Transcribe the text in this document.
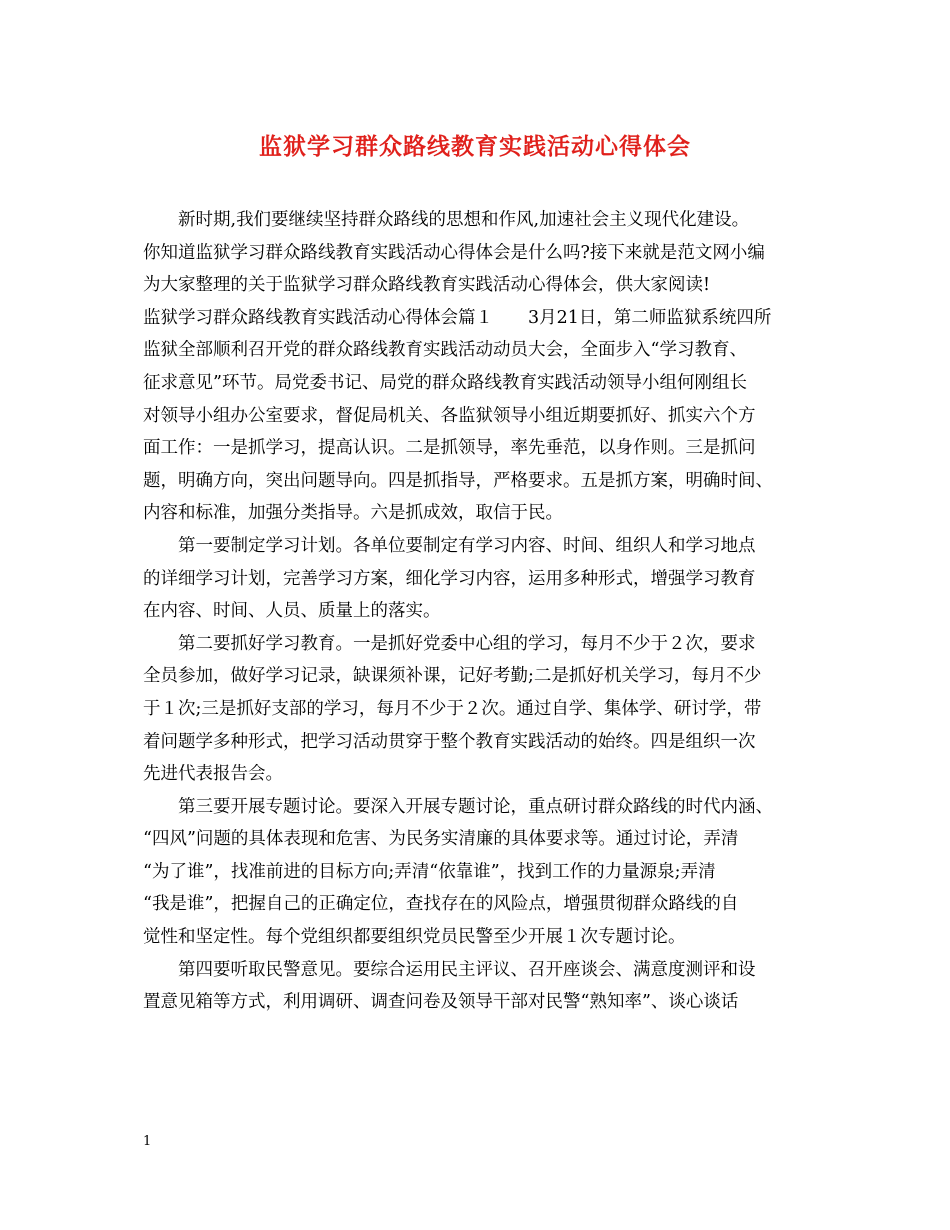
监狱学习群众路线教育实践活动心得体会
新时期,我们要继续坚持群众路线的思想和作风,加速社会主义现代化建设。
你知道监狱学习群众路线教育实践活动心得体会是什么吗?接下来就是范文网小编
为大家整理的关于监狱学习群众路线教育实践活动心得体会，供大家阅读!
监狱学习群众路线教育实践活动心得体会篇１　　3月21日，第二师监狱系统四所
监狱全部顺利召开党的群众路线教育实践活动动员大会，全面步入“学习教育、
征求意见”环节。局党委书记、局党的群众路线教育实践活动领导小组何刚组长
对领导小组办公室要求，督促局机关、各监狱领导小组近期要抓好、抓实六个方
面工作：一是抓学习，提高认识。二是抓领导，率先垂范，以身作则。三是抓问
题，明确方向，突出问题导向。四是抓指导，严格要求。五是抓方案，明确时间、
内容和标准，加强分类指导。六是抓成效，取信于民。
第一要制定学习计划。各单位要制定有学习内容、时间、组织人和学习地点
的详细学习计划，完善学习方案，细化学习内容，运用多种形式，增强学习教育
在内容、时间、人员、质量上的落实。
第二要抓好学习教育。一是抓好党委中心组的学习，每月不少于２次，要求
全员参加，做好学习记录，缺课须补课，记好考勤;二是抓好机关学习，每月不少
于１次;三是抓好支部的学习，每月不少于２次。通过自学、集体学、研讨学，带
着问题学多种形式，把学习活动贯穿于整个教育实践活动的始终。四是组织一次
先进代表报告会。
第三要开展专题讨论。要深入开展专题讨论，重点研讨群众路线的时代内涵、
“四风”问题的具体表现和危害、为民务实清廉的具体要求等。通过讨论，弄清
“为了谁”，找准前进的目标方向;弄清“依靠谁”，找到工作的力量源泉;弄清
“我是谁”，把握自己的正确定位，查找存在的风险点，增强贯彻群众路线的自
觉性和坚定性。每个党组织都要组织党员民警至少开展１次专题讨论。
第四要听取民警意见。要综合运用民主评议、召开座谈会、满意度测评和设
置意见箱等方式，利用调研、调查问卷及领导干部对民警“熟知率”、谈心谈话
1
